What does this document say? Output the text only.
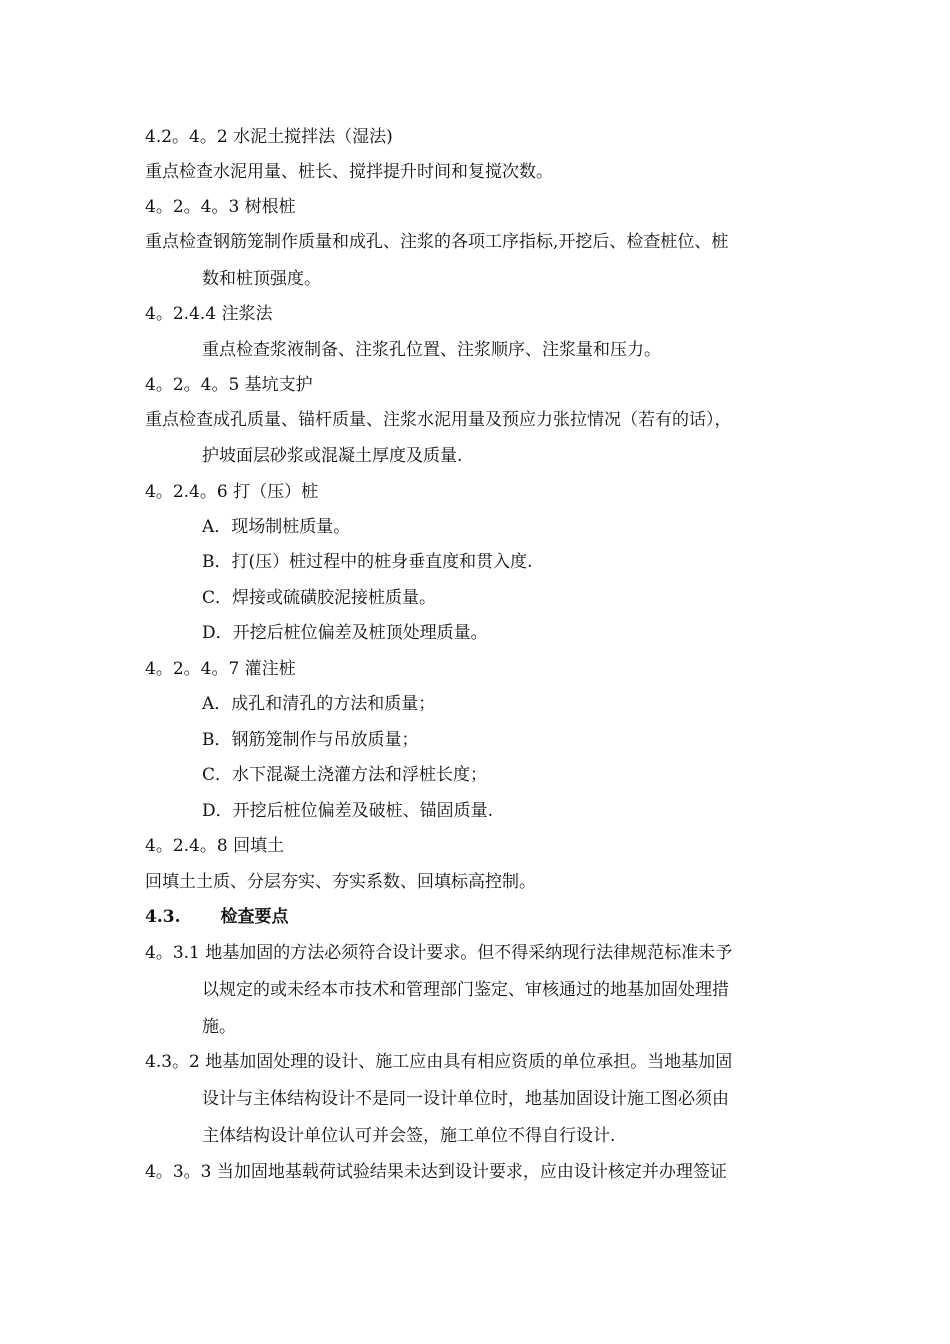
4.2。4。2 水泥土搅拌法（湿法)
重点检查水泥用量、桩长、搅拌提升时间和复搅次数。
4。2。4。3 树根桩
重点检查钢筋笼制作质量和成孔、注浆的各项工序指标,开挖后、检查桩位、桩
数和桩顶强度。
4。2.4.4 注浆法
重点检查浆液制备、注浆孔位置、注浆顺序、注浆量和压力。
4。2。4。5 基坑支护
重点检查成孔质量、锚杆质量、注浆水泥用量及预应力张拉情况（若有的话），
护坡面层砂浆或混凝土厚度及质量.
4。2.4。6 打（压）桩
A．现场制桩质量。
B．打(压）桩过程中的桩身垂直度和贯入度.
C．焊接或硫磺胶泥接桩质量。
D．开挖后桩位偏差及桩顶处理质量。
4。2。4。7 灌注桩
A．成孔和清孔的方法和质量；
B．钢筋笼制作与吊放质量；
C．水下混凝土浇灌方法和浮桩长度；
D．开挖后桩位偏差及破桩、锚固质量.
4。2.4。8 回填土
回填土土质、分层夯实、夯实系数、回填标高控制。
4.3. 检查要点
4。3.1 地基加固的方法必须符合设计要求。但不得采纳现行法律规范标准未予
以规定的或未经本市技术和管理部门鉴定、审核通过的地基加固处理措
施。
4.3。2 地基加固处理的设计、施工应由具有相应资质的单位承担。当地基加固
设计与主体结构设计不是同一设计单位时，地基加固设计施工图必须由
主体结构设计单位认可并会签，施工单位不得自行设计.
4。3。3 当加固地基载荷试验结果未达到设计要求，应由设计核定并办理签证
